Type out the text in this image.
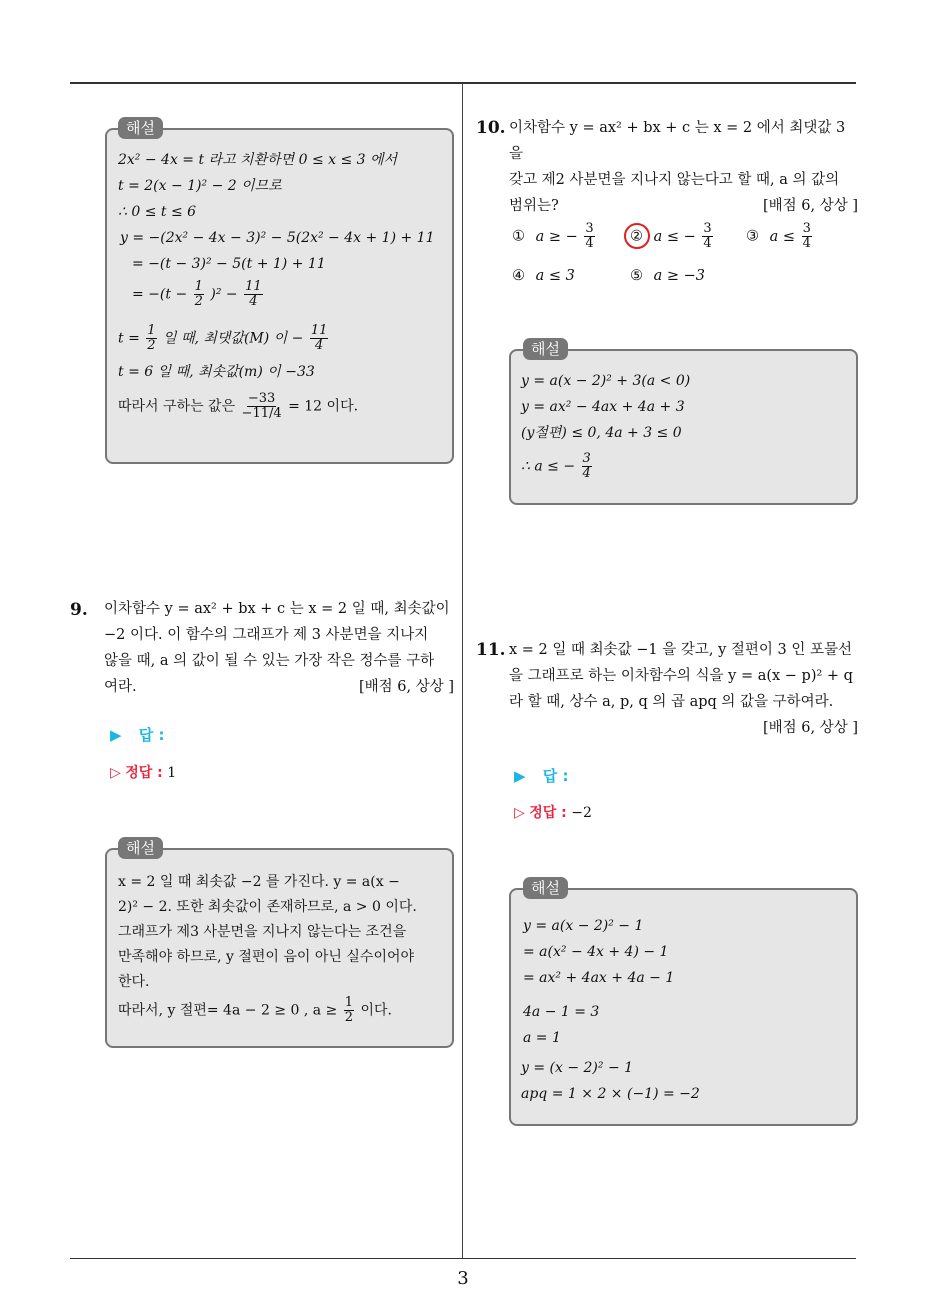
해설
2x² − 4x = t 라고 치환하면 0 ≤ x ≤ 3 에서
t = 2(x − 1)² − 2 이므로
∴ 0 ≤ t ≤ 6
y = −(2x² − 4x − 3)² − 5(2x² − 4x + 1) + 11
= −(t − 3)² − 5(t + 1) + 11
= $-(t - \frac{1}{2} )^2 - \frac{11}{4}$
$t = \frac{1}{2}$ 일 때, 최댓값(M) 이 − $\frac{11}{4}$
t = 6 일 때, 최솟값(m) 이 −33
따라서 구하는 값은 $\frac{-33}{-11/4} = 12$ 이다.
9. 이차함수 y = ax² + bx + c 는 x = 2 일 때, 최솟값이
−2 이다. 이 함수의 그래프가 제 3 사분면을 지나지
않을 때, a 의 값이 될 수 있는 가장 작은 정수를 구하
여라.	[배점 6, 상상 ]
▶ 답 :
▷ 정답 : 1
해설
x = 2 일 때 최솟값 −2 를 가진다. y = a(x −
2)² − 2. 또한 최솟값이 존재하므로, a > 0 이다.
그래프가 제3 사분면을 지나지 않는다는 조건을
만족해야 하므로, y 절편이 음이 아닌 실수이어야
한다.
따라서, y 절편= 4a − 2 ≥ 0 , $a \ge \frac{1}{2}$ 이다.
10. 이차함수 y = ax² + bx + c 는 x = 2 에서 최댓값 3 을
갖고 제2 사분면을 지나지 않는다고 할 때, a 의 값의
범위는?	[배점 6, 상상 ]
① a ≥ − $\frac{3}{4}$ ② a ≤ − $\frac{3}{4}$ ③ $a \le \frac{3}{4}$
④ a ≤ 3	⑤ a ≥ −3
해설
y = a(x − 2)² + 3(a < 0)
y = ax² − 4ax + 4a + 3
(y절편) ≤ 0, 4a + 3 ≤ 0
∴ a ≤ − $\frac{3}{4}$
11. x = 2 일 때 최솟값 −1 을 갖고, y 절편이 3 인 포물선
을 그래프로 하는 이차함수의 식을 y = a(x − p)² + q
라 할 때, 상수 a, p, q 의 곱 apq 의 값을 구하여라.
[배점 6, 상상 ]
▶ 답 :
▷ 정답 : −2
해설
y = a(x − 2)² − 1
= a(x² − 4x + 4) − 1
= ax² + 4ax + 4a − 1
4a − 1 = 3
a = 1
y = (x − 2)² − 1
apq = 1 × 2 × (−1) = −2
3
